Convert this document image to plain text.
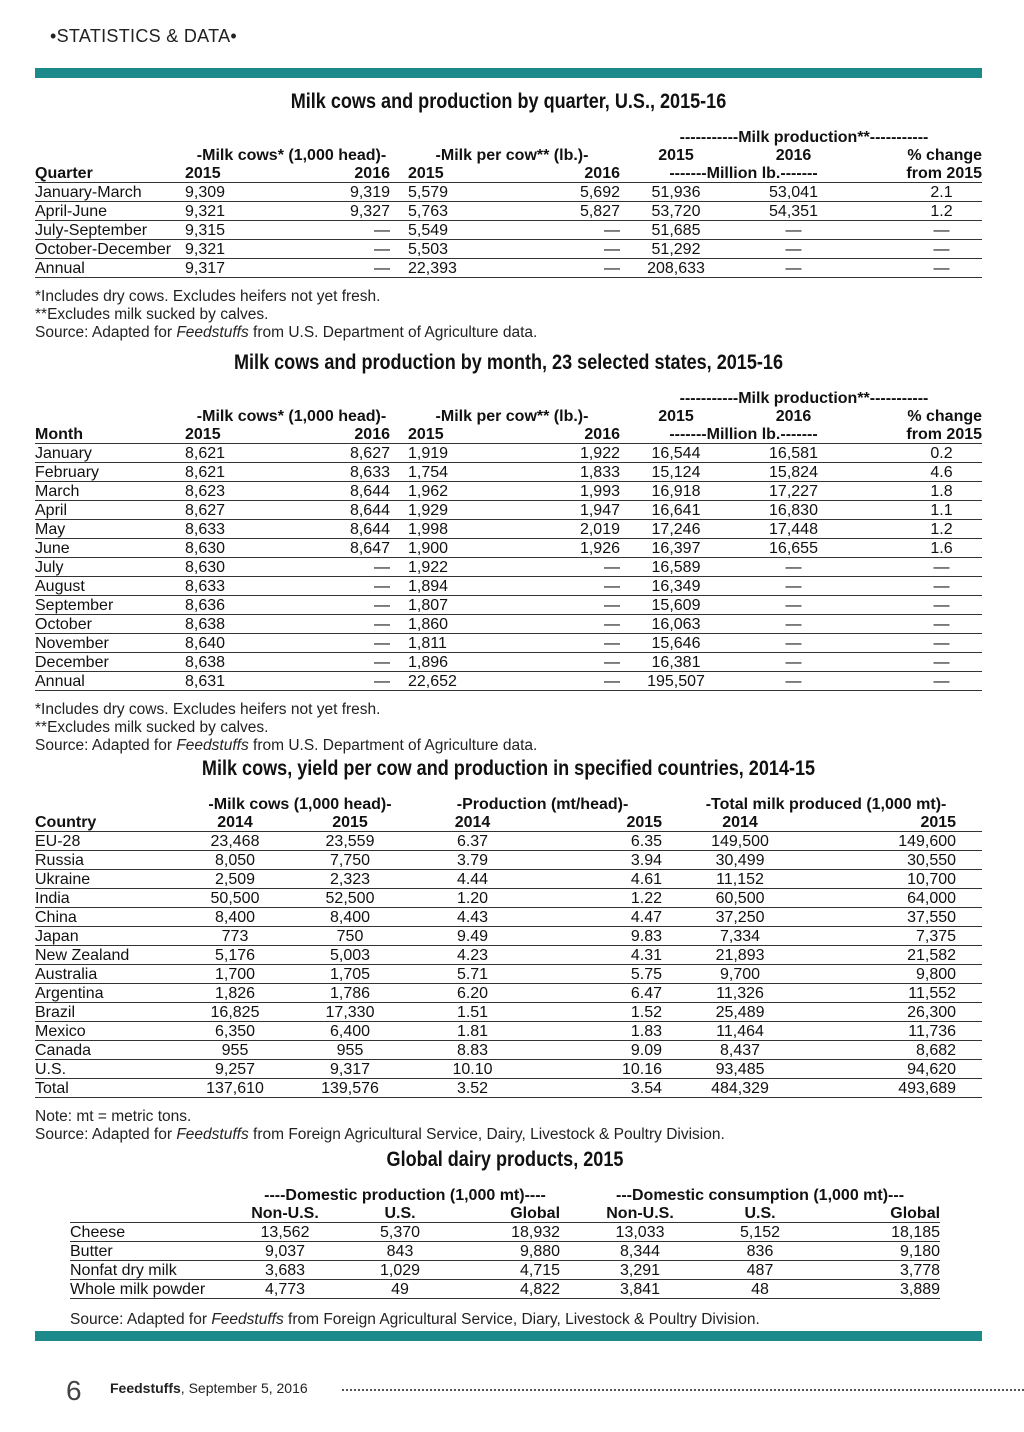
•STATISTICS & DATA•
Milk cows and production by quarter, U.S., 2015-16
					-----------Milk production**-----------		
	-Milk cows* (1,000 head)-		-Milk per cow** (lb.)-		2015	2016	% change
Quarter	2015	2016	2015	2016	-------Million lb.-------		from 2015
January-March	9,309	9,319	5,579	5,692	51,936	53,041	2.1
April-June	9,321	9,327	5,763	5,827	53,720	54,351	1.2
July-September	9,315	—	5,549	—	51,685	—	—
October-December	9,321	—	5,503	—	51,292	—	—
Annual	9,317	—	22,393	—	208,633	—	—
*Includes dry cows. Excludes heifers not yet fresh.
**Excludes milk sucked by calves.
Source: Adapted for Feedstuffs from U.S. Department of Agriculture data.
Milk cows and production by month, 23 selected states, 2015-16
					-----------Milk production**-----------		
	-Milk cows* (1,000 head)-		-Milk per cow** (lb.)-		2015	2016	% change
Month	2015	2016	2015	2016	-------Million lb.-------		from 2015
January	8,621	8,627	1,919	1,922	16,544	16,581	0.2
February	8,621	8,633	1,754	1,833	15,124	15,824	4.6
March	8,623	8,644	1,962	1,993	16,918	17,227	1.8
April	8,627	8,644	1,929	1,947	16,641	16,830	1.1
May	8,633	8,644	1,998	2,019	17,246	17,448	1.2
June	8,630	8,647	1,900	1,926	16,397	16,655	1.6
July	8,630	—	1,922	—	16,589	—	—
August	8,633	—	1,894	—	16,349	—	—
September	8,636	—	1,807	—	15,609	—	—
October	8,638	—	1,860	—	16,063	—	—
November	8,640	—	1,811	—	15,646	—	—
December	8,638	—	1,896	—	16,381	—	—
Annual	8,631	—	22,652	—	195,507	—	—
*Includes dry cows. Excludes heifers not yet fresh.
**Excludes milk sucked by calves.
Source: Adapted for Feedstuffs from U.S. Department of Agriculture data.
Milk cows, yield per cow and production in specified countries, 2014-15
	-Milk cows (1,000 head)-		-Production (mt/head)-		-Total milk produced (1,000 mt)-	
Country	2014	2015	2014	2015	2014	2015
EU-28	23,468	23,559	6.37	6.35	149,500	149,600
Russia	8,050	7,750	3.79	3.94	30,499	30,550
Ukraine	2,509	2,323	4.44	4.61	11,152	10,700
India	50,500	52,500	1.20	1.22	60,500	64,000
China	8,400	8,400	4.43	4.47	37,250	37,550
Japan	773	750	9.49	9.83	7,334	7,375
New Zealand	5,176	5,003	4.23	4.31	21,893	21,582
Australia	1,700	1,705	5.71	5.75	9,700	9,800
Argentina	1,826	1,786	6.20	6.47	11,326	11,552
Brazil	16,825	17,330	1.51	1.52	25,489	26,300
Mexico	6,350	6,400	1.81	1.83	11,464	11,736
Canada	955	955	8.83	9.09	8,437	8,682
U.S.	9,257	9,317	10.10	10.16	93,485	94,620
Total	137,610	139,576	3.52	3.54	484,329	493,689
Note: mt = metric tons.
Source: Adapted for Feedstuffs from Foreign Agricultural Service, Dairy, Livestock & Poultry Division.
Global dairy products, 2015
	----Domestic production (1,000 mt)----			---Domestic consumption (1,000 mt)---		
	Non-U.S.	U.S.	Global	Non-U.S.	U.S.	Global
Cheese	13,562	5,370	18,932	13,033	5,152	18,185
Butter	9,037	843	9,880	8,344	836	9,180
Nonfat dry milk	3,683	1,029	4,715	3,291	487	3,778
Whole milk powder	4,773	49	4,822	3,841	48	3,889
Source: Adapted for Feedstuffs from Foreign Agricultural Service, Diary, Livestock & Poultry Division.
6 Feedstuffs, September 5, 2016
